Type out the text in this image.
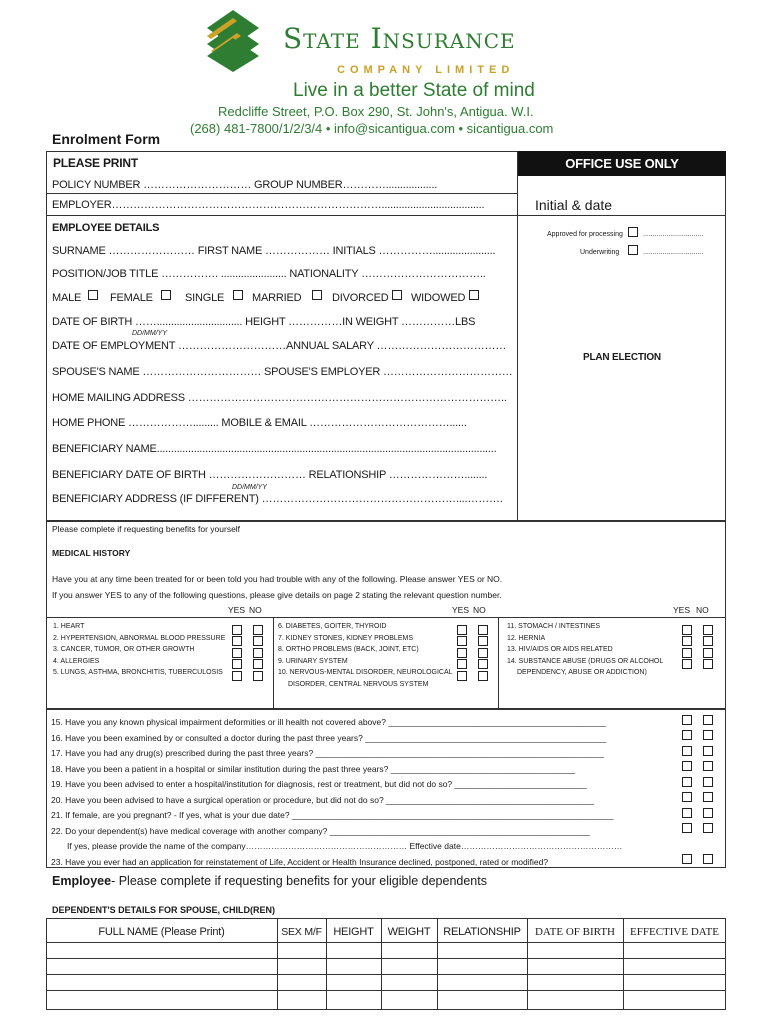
State Insurance
COMPANY LIMITED
Live in a better State of mind
Redcliffe Street, P.O. Box 290, St. John's, Antigua. W.I.
(268) 481-7800/1/2/3/4 • info@sicantigua.com • sicantigua.com
Enrolment Form
PLEASE PRINT	OFFICE USE ONLY
POLICY NUMBER ………………………… GROUP NUMBER…………..................
EMPLOYER…………………………………………………………………....................................
EMPLOYEE DETAILS
SURNAME …………………… FIRST NAME ……………… INITIALS ……………......................
POSITION/JOB TITLE ……………. ....................... NATIONALITY ……………………………..
MALE	FEMALE	SINGLE	MARRIED	DIVORCED WIDOWED
DATE OF BIRTH …….............................. HEIGHT ……………IN WEIGHT ……………LBS
DD/MM/YY
DATE OF EMPLOYMENT …………………………ANNUAL SALARY ………………………………
SPOUSE'S NAME …………………………… SPOUSE'S EMPLOYER ………………………………
HOME MAILING ADDRESS ……………………………………………………………………………..
HOME PHONE ………………......... MOBILE & EMAIL …………………………………......
BENEFICIARY NAME.......................................................................................................................
BENEFICIARY DATE OF BIRTH ……………………… RELATIONSHIP …………………........
DD/MM/YY
BENEFICIARY ADDRESS (IF DIFFERENT) ………………………………………………....……….
Initial & date
Approved for processing	...............................
Underwriting	...............................
PLAN ELECTION
Please complete if requesting benefits for yourself
MEDICAL HISTORY
Have you at any time been treated for or been told you had trouble with any of the following. Please answer YES or NO.
If you answer YES to any of the following questions, please give details on page 2 stating the relevant question number.
YES NO	YES NO	YES NO
1. HEART
2. HYPERTENSION, ABNORMAL BLOOD PRESSURE
3. CANCER, TUMOR, OR OTHER GROWTH
4. ALLERGIES
5. LUNGS, ASTHMA, BRONCHITIS, TUBERCULOSIS
6. DIABETES, GOITER, THYROID
7. KIDNEY STONES, KIDNEY PROBLEMS
8. ORTHO PROBLEMS (BACK, JOINT, ETC)
9. URINARY SYSTEM
10. NERVOUS-MENTAL DISORDER, NEUROLOGICAL
DISORDER, CENTRAL NERVOUS SYSTEM
11. STOMACH / INTESTINES
12. HERNIA
13. HIV/AIDS OR AIDS RELATED
14. SUBSTANCE ABUSE (DRUGS OR ALCOHOL
DEPENDENCY, ABUSE OR ADDICTION)
15. Have you any known physical impairment deformities or ill health not covered above? ______________________________________________
16. Have you been examined by or consulted a doctor during the past three years? ___________________________________________________
17. Have you had any drug(s) prescribed during the past three years? _____________________________________________________________
18. Have you been a patient in a hospital or similar institution during the past three years? _______________________________________
19. Have you been advised to enter a hospital/institution for diagnosis, rest or treatment, but did not do so? ____________________________
20. Have you been advised to have a surgical operation or procedure, but did not do so? ____________________________________________
21. If female, are you pregnant? - If yes, what is your due date? ____________________________________________________________________
22. Do your dependent(s) have medical coverage with another company? _______________________________________________________
If yes, please provide the name of the company………………………………………………… Effective date…………………………………………………
23. Have you ever had an application for reinstatement of Life, Accident or Health Insurance declined, postponed, rated or modified?
Employee- Please complete if requesting benefits for your eligible dependents
DEPENDENT'S DETAILS FOR SPOUSE, CHILD(REN)
FULL NAME (Please Print)	SEX M/F	HEIGHT	WEIGHT	RELATIONSHIP	DATE OF BIRTH	EFFECTIVE DATE
